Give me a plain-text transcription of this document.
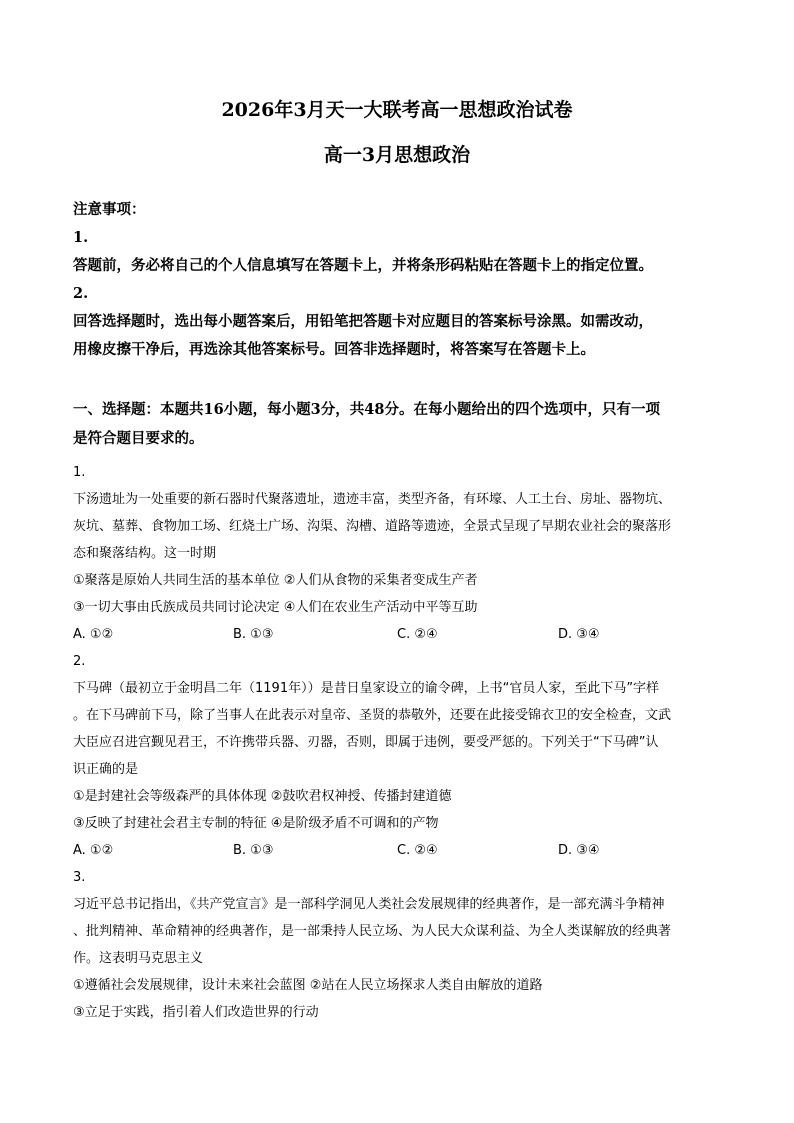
2026年3月天一大联考高一思想政治试卷
高一3月思想政治
注意事项：
1.
答题前，务必将自己的个人信息填写在答题卡上，并将条形码粘贴在答题卡上的指定位置。
2.
回答选择题时，选出每小题答案后，用铅笔把答题卡对应题目的答案标号涂黑。如需改动，
用橡皮擦干净后，再选涂其他答案标号。回答非选择题时，将答案写在答题卡上。
一、选择题：本题共16小题，每小题3分，共48分。在每小题给出的四个选项中，只有一项
是符合题目要求的。
1.
下汤遗址为一处重要的新石器时代聚落遗址，遗迹丰富，类型齐备，有环壕、人工土台、房址、器物坑、
灰坑、墓葬、食物加工场、红烧土广场、沟渠、沟槽、道路等遗迹，全景式呈现了早期农业社会的聚落形
态和聚落结构。这一时期
①聚落是原始人共同生活的基本单位 ②人们从食物的采集者变成生产者
③一切大事由氏族成员共同讨论决定 ④人们在农业生产活动中平等互助
A. ①②	B. ①③	C. ②④	D. ③④
2.
下马碑（最初立于金明昌二年（1191年））是昔日皇家设立的谕令碑，上书“官员人家，至此下马”字样
。在下马碑前下马，除了当事人在此表示对皇帝、圣贤的恭敬外，还要在此接受锦衣卫的安全检查，文武
大臣应召进宫觐见君王，不许携带兵器、刃器，否则，即属于违例，要受严惩的。下列关于“下马碑”认
识正确的是
①是封建社会等级森严的具体体现 ②鼓吹君权神授、传播封建道德
③反映了封建社会君主专制的特征 ④是阶级矛盾不可调和的产物
A. ①②	B. ①③	C. ②④	D. ③④
3.
习近平总书记指出，《共产党宣言》是一部科学洞见人类社会发展规律的经典著作，是一部充满斗争精神
、批判精神、革命精神的经典著作，是一部秉持人民立场、为人民大众谋利益、为全人类谋解放的经典著
作。这表明马克思主义
①遵循社会发展规律，设计未来社会蓝图 ②站在人民立场探求人类自由解放的道路
③立足于实践，指引着人们改造世界的行动
